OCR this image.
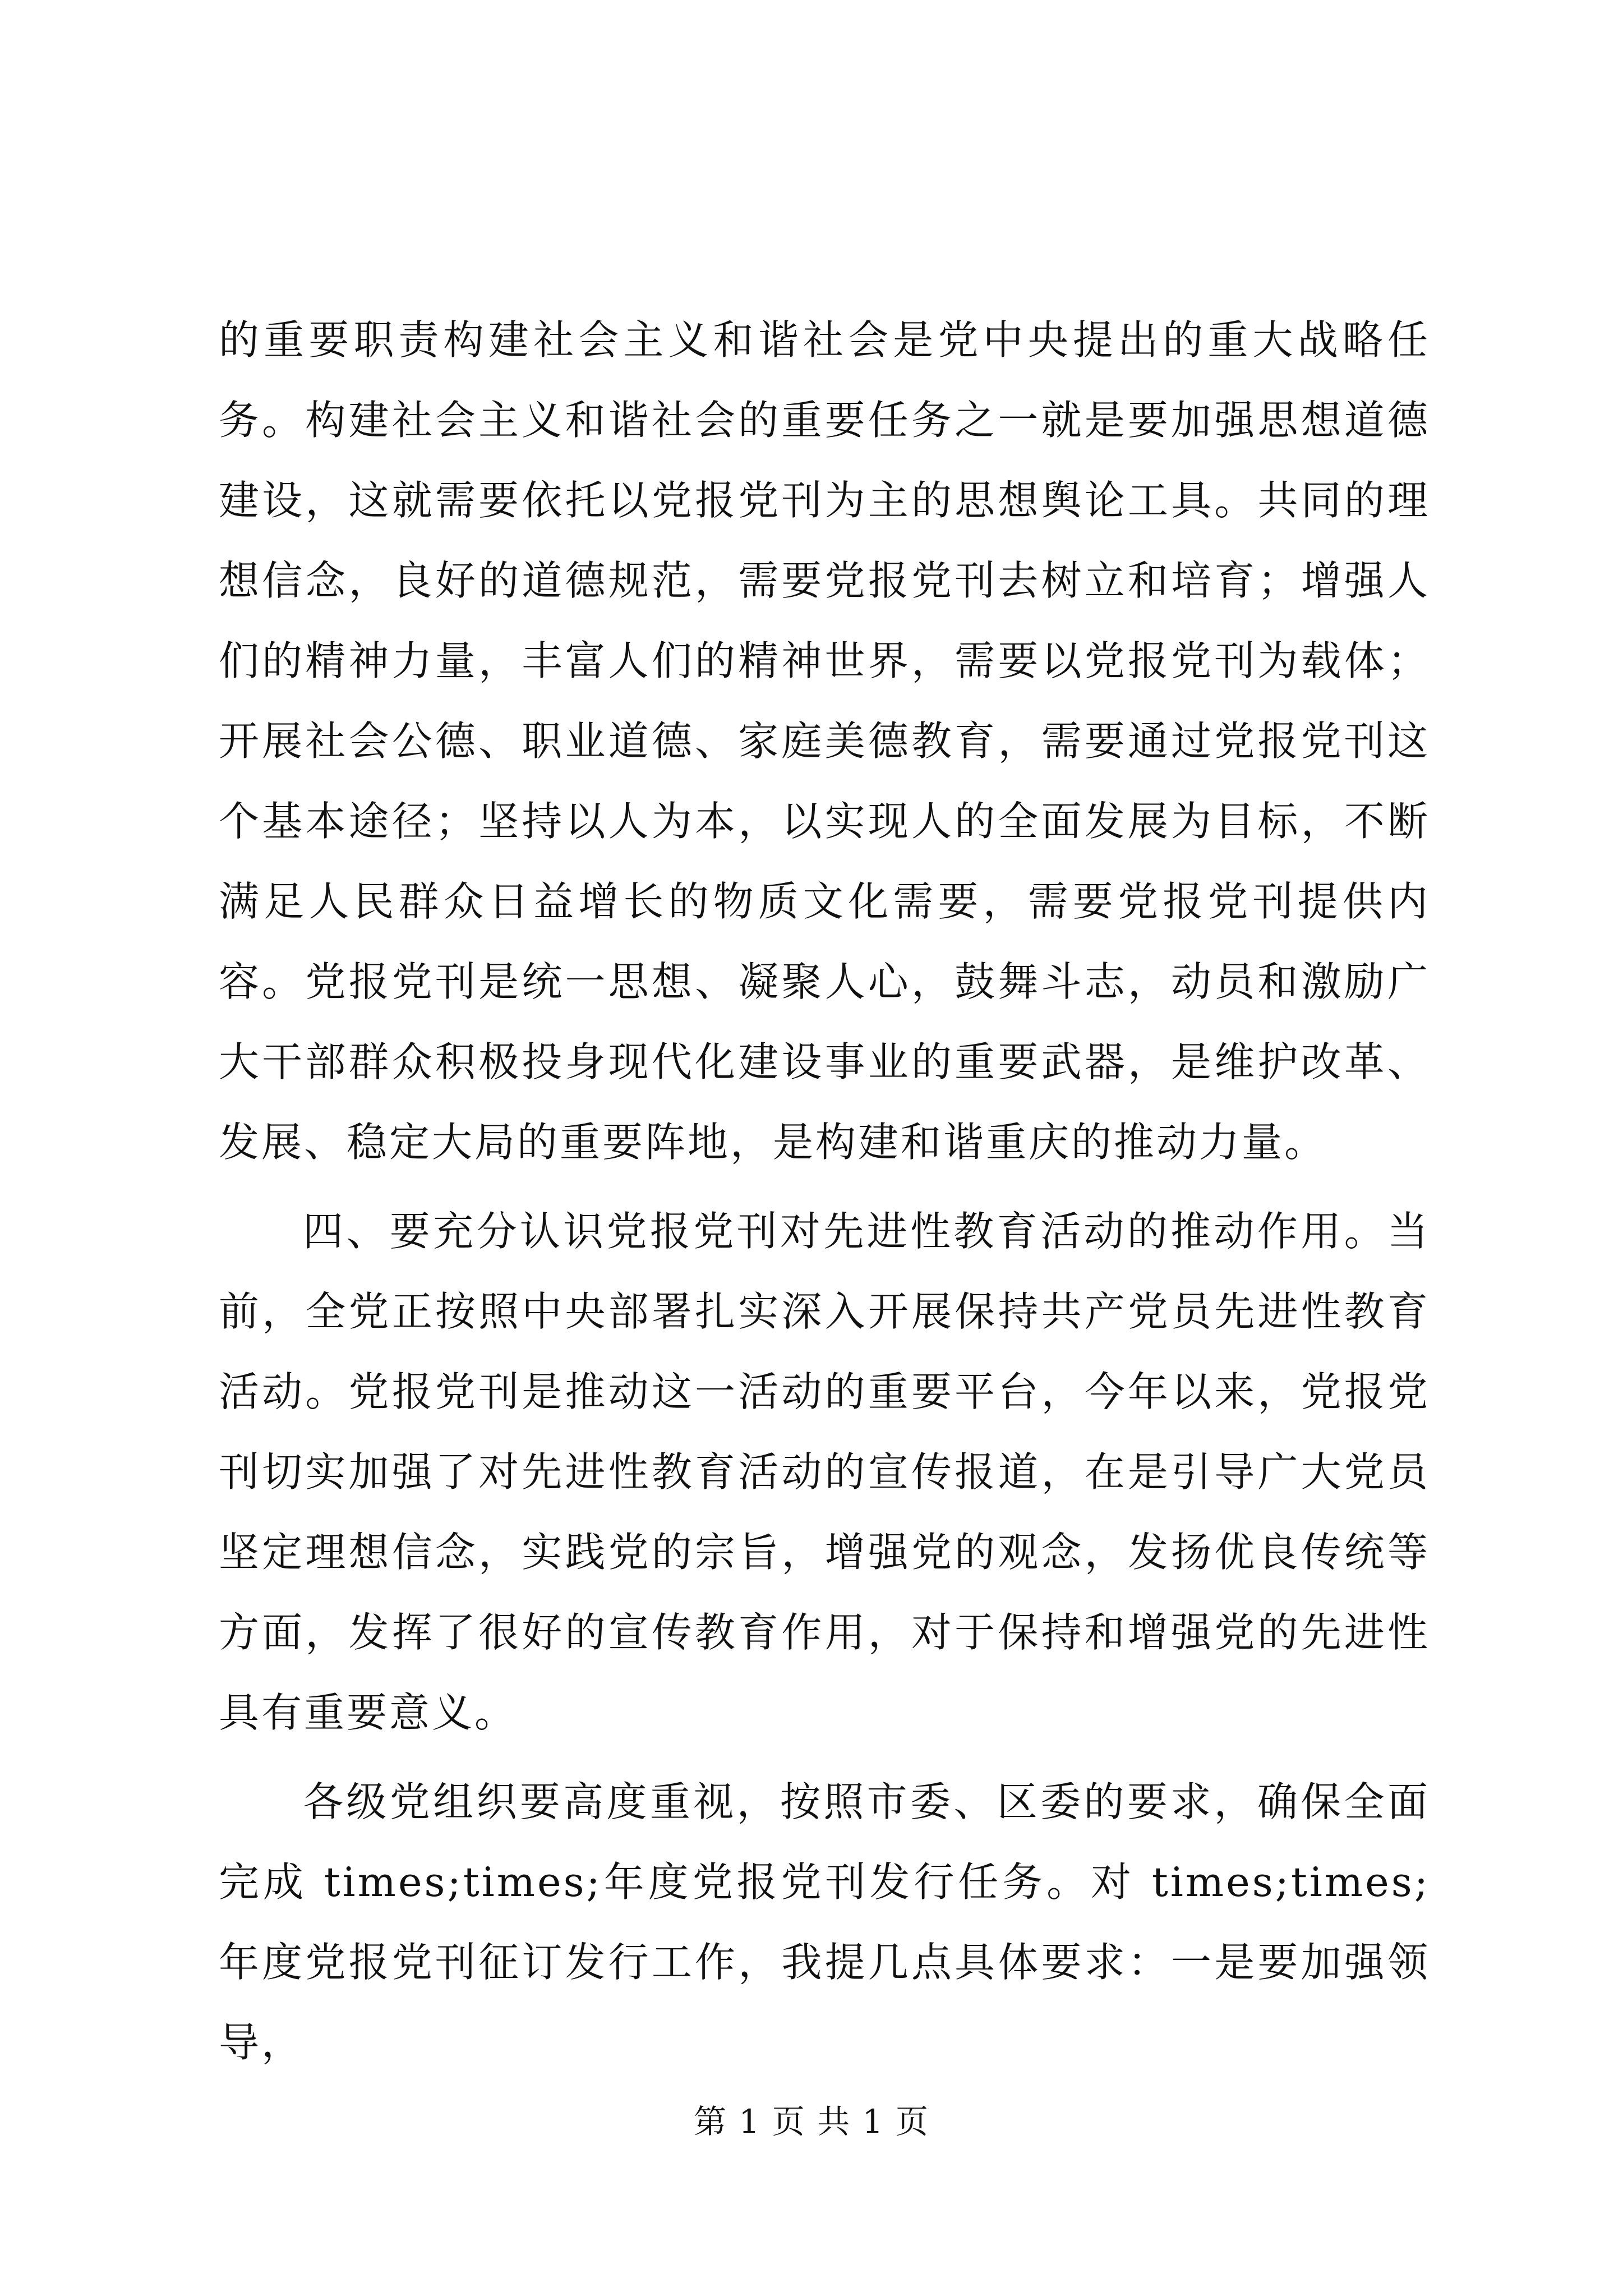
的重要职责构建社会主义和谐社会是党中央提出的重大战略任务。构建社会主义和谐社会的重要任务之一就是要加强思想道德建设，这就需要依托以党报党刊为主的思想舆论工具。共同的理想信念，良好的道德规范，需要党报党刊去树立和培育；增强人们的精神力量，丰富人们的精神世界，需要以党报党刊为载体；开展社会公德、职业道德、家庭美德教育，需要通过党报党刊这个基本途径；坚持以人为本，以实现人的全面发展为目标，不断满足人民群众日益增长的物质文化需要，需要党报党刊提供内容。党报党刊是统一思想、凝聚人心，鼓舞斗志，动员和激励广大干部群众积极投身现代化建设事业的重要武器，是维护改革、发展、稳定大局的重要阵地，是构建和谐重庆的推动力量。

四、要充分认识党报党刊对先进性教育活动的推动作用。当前，全党正按照中央部署扎实深入开展保持共产党员先进性教育活动。党报党刊是推动这一活动的重要平台，今年以来，党报党刊切实加强了对先进性教育活动的宣传报道，在是引导广大党员坚定理想信念，实践党的宗旨，增强党的观念，发扬优良传统等方面，发挥了很好的宣传教育作用，对于保持和增强党的先进性具有重要意义。

各级党组织要高度重视，按照市委、区委的要求，确保全面完成 times;times;年度党报党刊发行任务。对 times;times;年度党报党刊征订发行工作，我提几点具体要求：一是要加强领导，

第 1 页 共 1 页
